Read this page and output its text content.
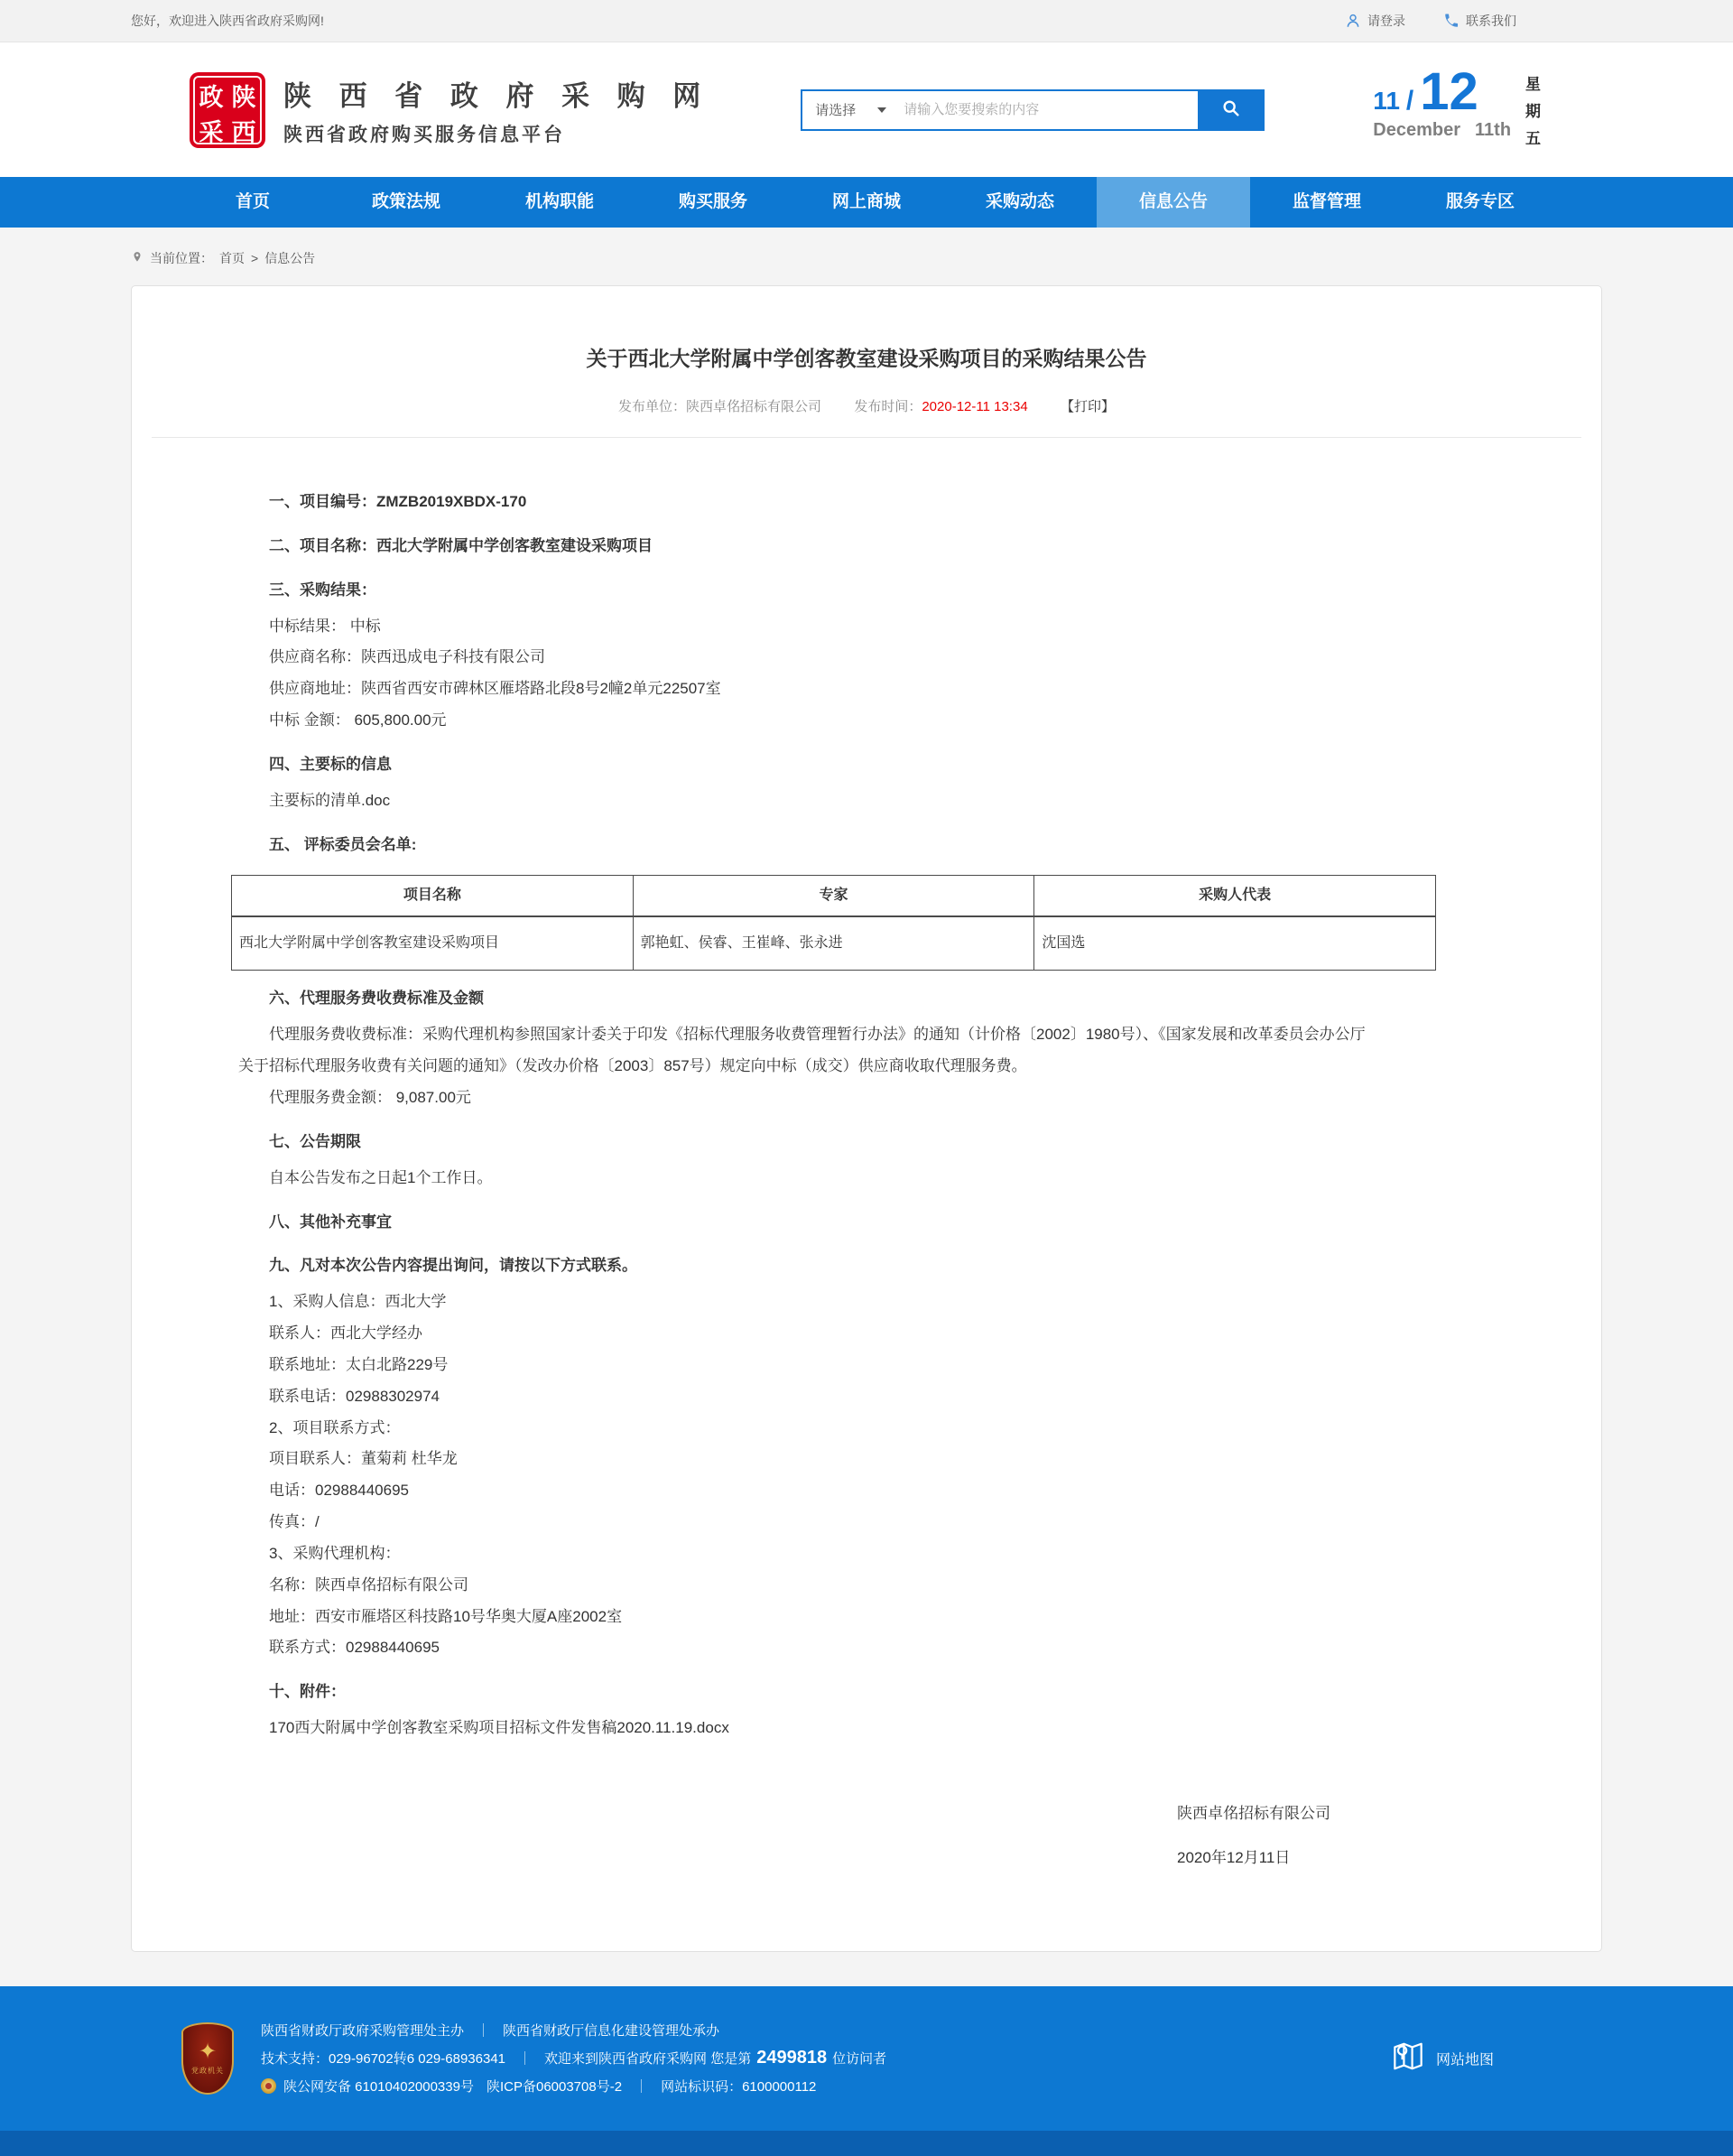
您好，欢迎进入陕西省政府采购网!	请登录	联系我们
政 陕
采 西
陕 西 省 政 府 采 购 网
陕西省政府购买服务信息平台
请选择
请输入您要搜索的内容	11 / 12
December 11th
星
期
五
首页	政策法规	机构职能	购买服务	网上商城	采购动态	信息公告	监督管理	服务专区
当前位置： 首页 > 信息公告
关于西北大学附属中学创客教室建设采购项目的采购结果公告
发布单位：陕西卓佲招标有限公司 发布时间：2020-12-11 13:34 【打印】
一、项目编号：ZMZB2019XBDX-170
二、项目名称：西北大学附属中学创客教室建设采购项目
三、采购结果：

中标结果： 中标

供应商名称：陕西迅成电子科技有限公司

供应商地址：陕西省西安市碑林区雁塔路北段8号2幢2单元22507室

中标 金额： 605,800.00元

四、主要标的信息

主要标的清单.doc

五、 评标委员会名单:
项目名称	专家	采购人代表
西北大学附属中学创客教室建设采购项目	郭艳虹、侯睿、王崔峰、张永进	沈国选
六、代理服务费收费标准及金额

代理服务费收费标准：采购代理机构参照国家计委关于印发《招标代理服务收费管理暂行办法》的通知（计价格〔2002〕1980号）、《国家发展和改革委员会办公厅关于招标代理服务收费有关问题的通知》（发改办价格〔2003〕857号）规定向中标（成交）供应商收取代理服务费。

代理服务费金额： 9,087.00元

七、公告期限

自本公告发布之日起1个工作日。

八、其他补充事宜
九、凡对本次公告内容提出询问，请按以下方式联系。

1、采购人信息：西北大学

联系人：西北大学经办

联系地址：太白北路229号

联系电话：02988302974

2、项目联系方式：

项目联系人：董菊莉 杜华龙

电话：02988440695

传真：/

3、采购代理机构：

名称：陕西卓佲招标有限公司

地址：西安市雁塔区科技路10号华奥大厦A座2002室

联系方式：02988440695

十、附件：

170西大附属中学创客教室采购项目招标文件发售稿2020.11.19.docx

陕西卓佲招标有限公司
2020年12月11日
✦
党政机关
陕西省财政厅政府采购管理处主办 ｜ 陕西省财政厅信息化建设管理处承办
技术支持：029-96702转6 029-68936341 ｜ 欢迎来到陕西省政府采购网 您是第 2499818 位访问者
陕公网安备 61010402000339号 陕ICP备06003708号-2 ｜ 网站标识码：6100000112
网站地图
